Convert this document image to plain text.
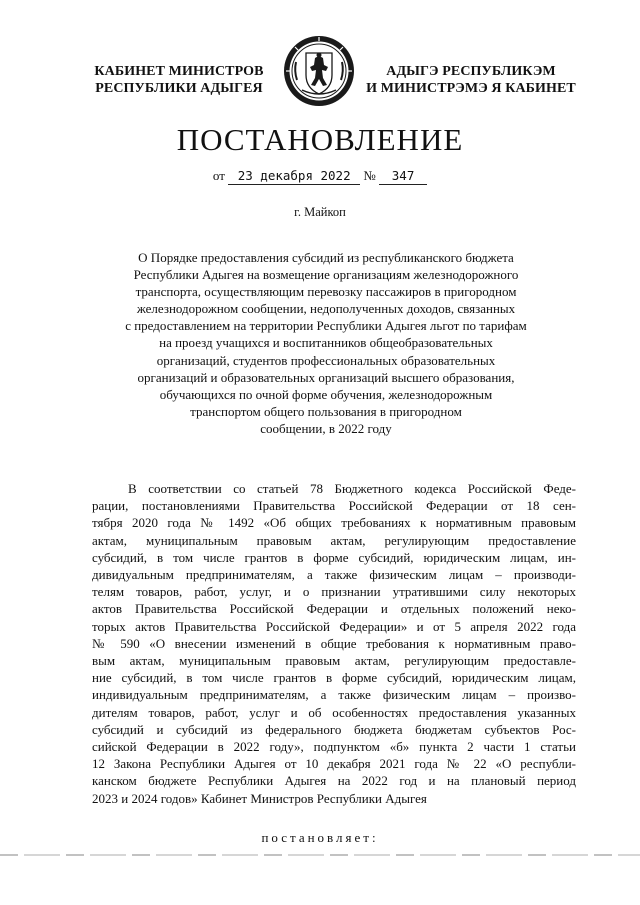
КАБИНЕТ МИНИСТРОВ
РЕСПУБЛИКИ АДЫГЕЯ
АДЫГЭ РЕСПУБЛИКЭМ
И МИНИСТРЭМЭ Я КАБИНЕТ
ПОСТАНОВЛЕНИЕ
от 23 декабря 2022 № 347
г. Майкоп
О Порядке предоставления субсидий из республиканского бюджета
Республики Адыгея на возмещение организациям железнодорожного
транспорта, осуществляющим перевозку пассажиров в пригородном
железнодорожном сообщении, недополученных доходов, связанных
с предоставлением на территории Республики Адыгея льгот по тарифам
на проезд учащихся и воспитанников общеобразовательных
организаций, студентов профессиональных образовательных
организаций и образовательных организаций высшего образования,
обучающихся по очной форме обучения, железнодорожным
транспортом общего пользования в пригородном
сообщении, в 2022 году
В соответствии со статьей 78 Бюджетного кодекса Российской Феде-
рации, постановлениями Правительства Российской Федерации от 18 сен-
тября 2020 года № 1492 «Об общих требованиях к нормативным правовым
актам, муниципальным правовым актам, регулирующим предоставление
субсидий, в том числе грантов в форме субсидий, юридическим лицам, ин-
дивидуальным предпринимателям, а также физическим лицам – производи-
телям товаров, работ, услуг, и о признании утратившими силу некоторых
актов Правительства Российской Федерации и отдельных положений неко-
торых актов Правительства Российской Федерации» и от 5 апреля 2022 года
№ 590 «О внесении изменений в общие требования к нормативным право-
вым актам, муниципальным правовым актам, регулирующим предоставле-
ние субсидий, в том числе грантов в форме субсидий, юридическим лицам,
индивидуальным предпринимателям, а также физическим лицам – произво-
дителям товаров, работ, услуг и об особенностях предоставления указанных
субсидий и субсидий из федерального бюджета бюджетам субъектов Рос-
сийской Федерации в 2022 году», подпунктом «б» пункта 2 части 1 статьи
12 Закона Республики Адыгея от 10 декабря 2021 года № 22 «О республи-
канском бюджете Республики Адыгея на 2022 год и на плановый период
2023 и 2024 годов» Кабинет Министров Республики Адыгея
постановляет:
